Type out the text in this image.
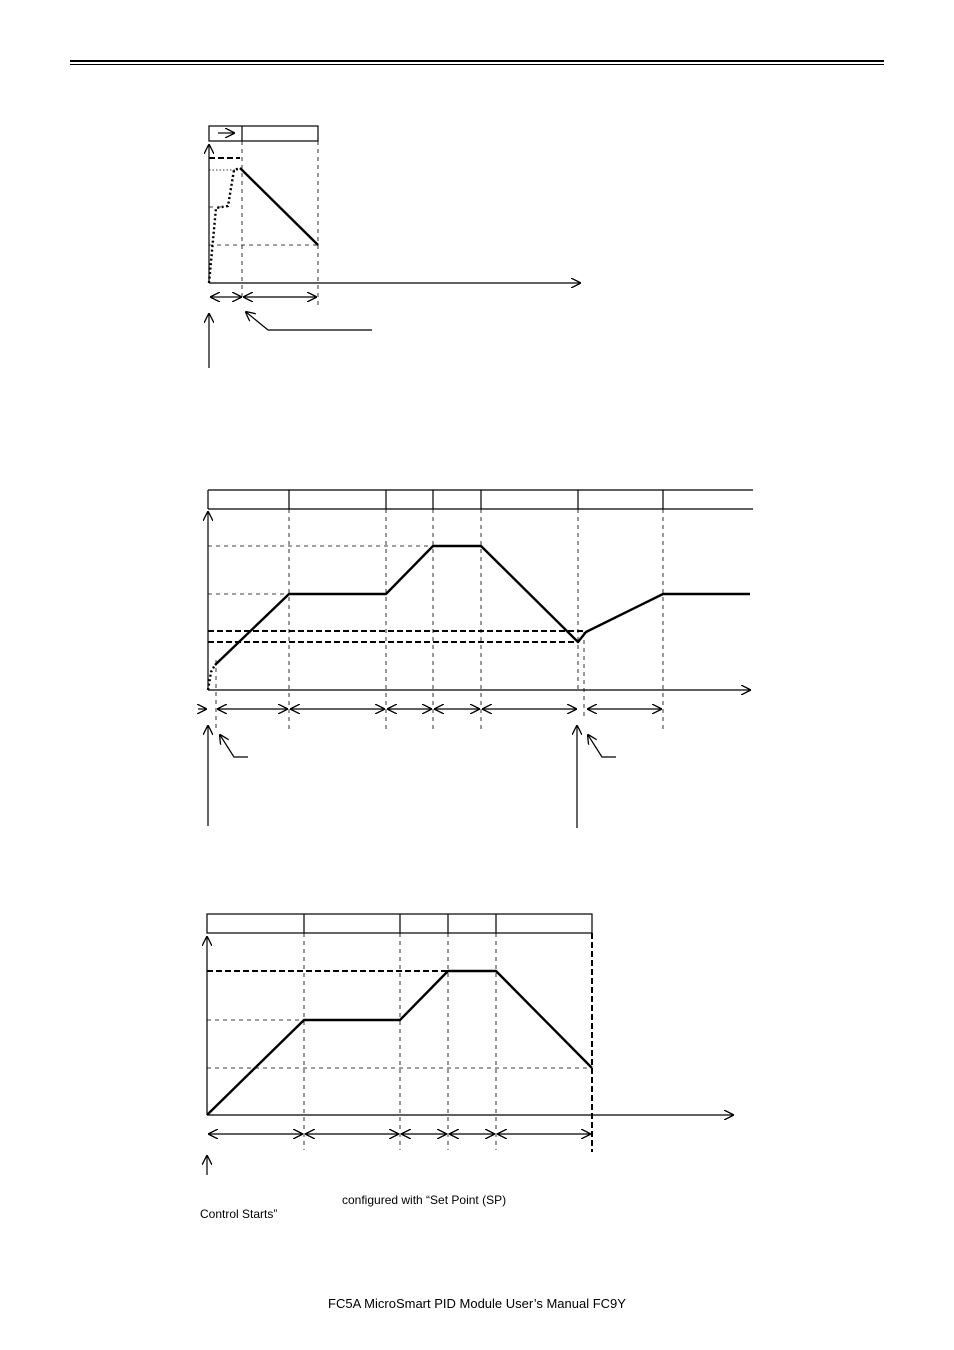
configured with “Set Point (SP)
Control Starts”
FC5A MicroSmart PID Module User’s Manual FC9Y
